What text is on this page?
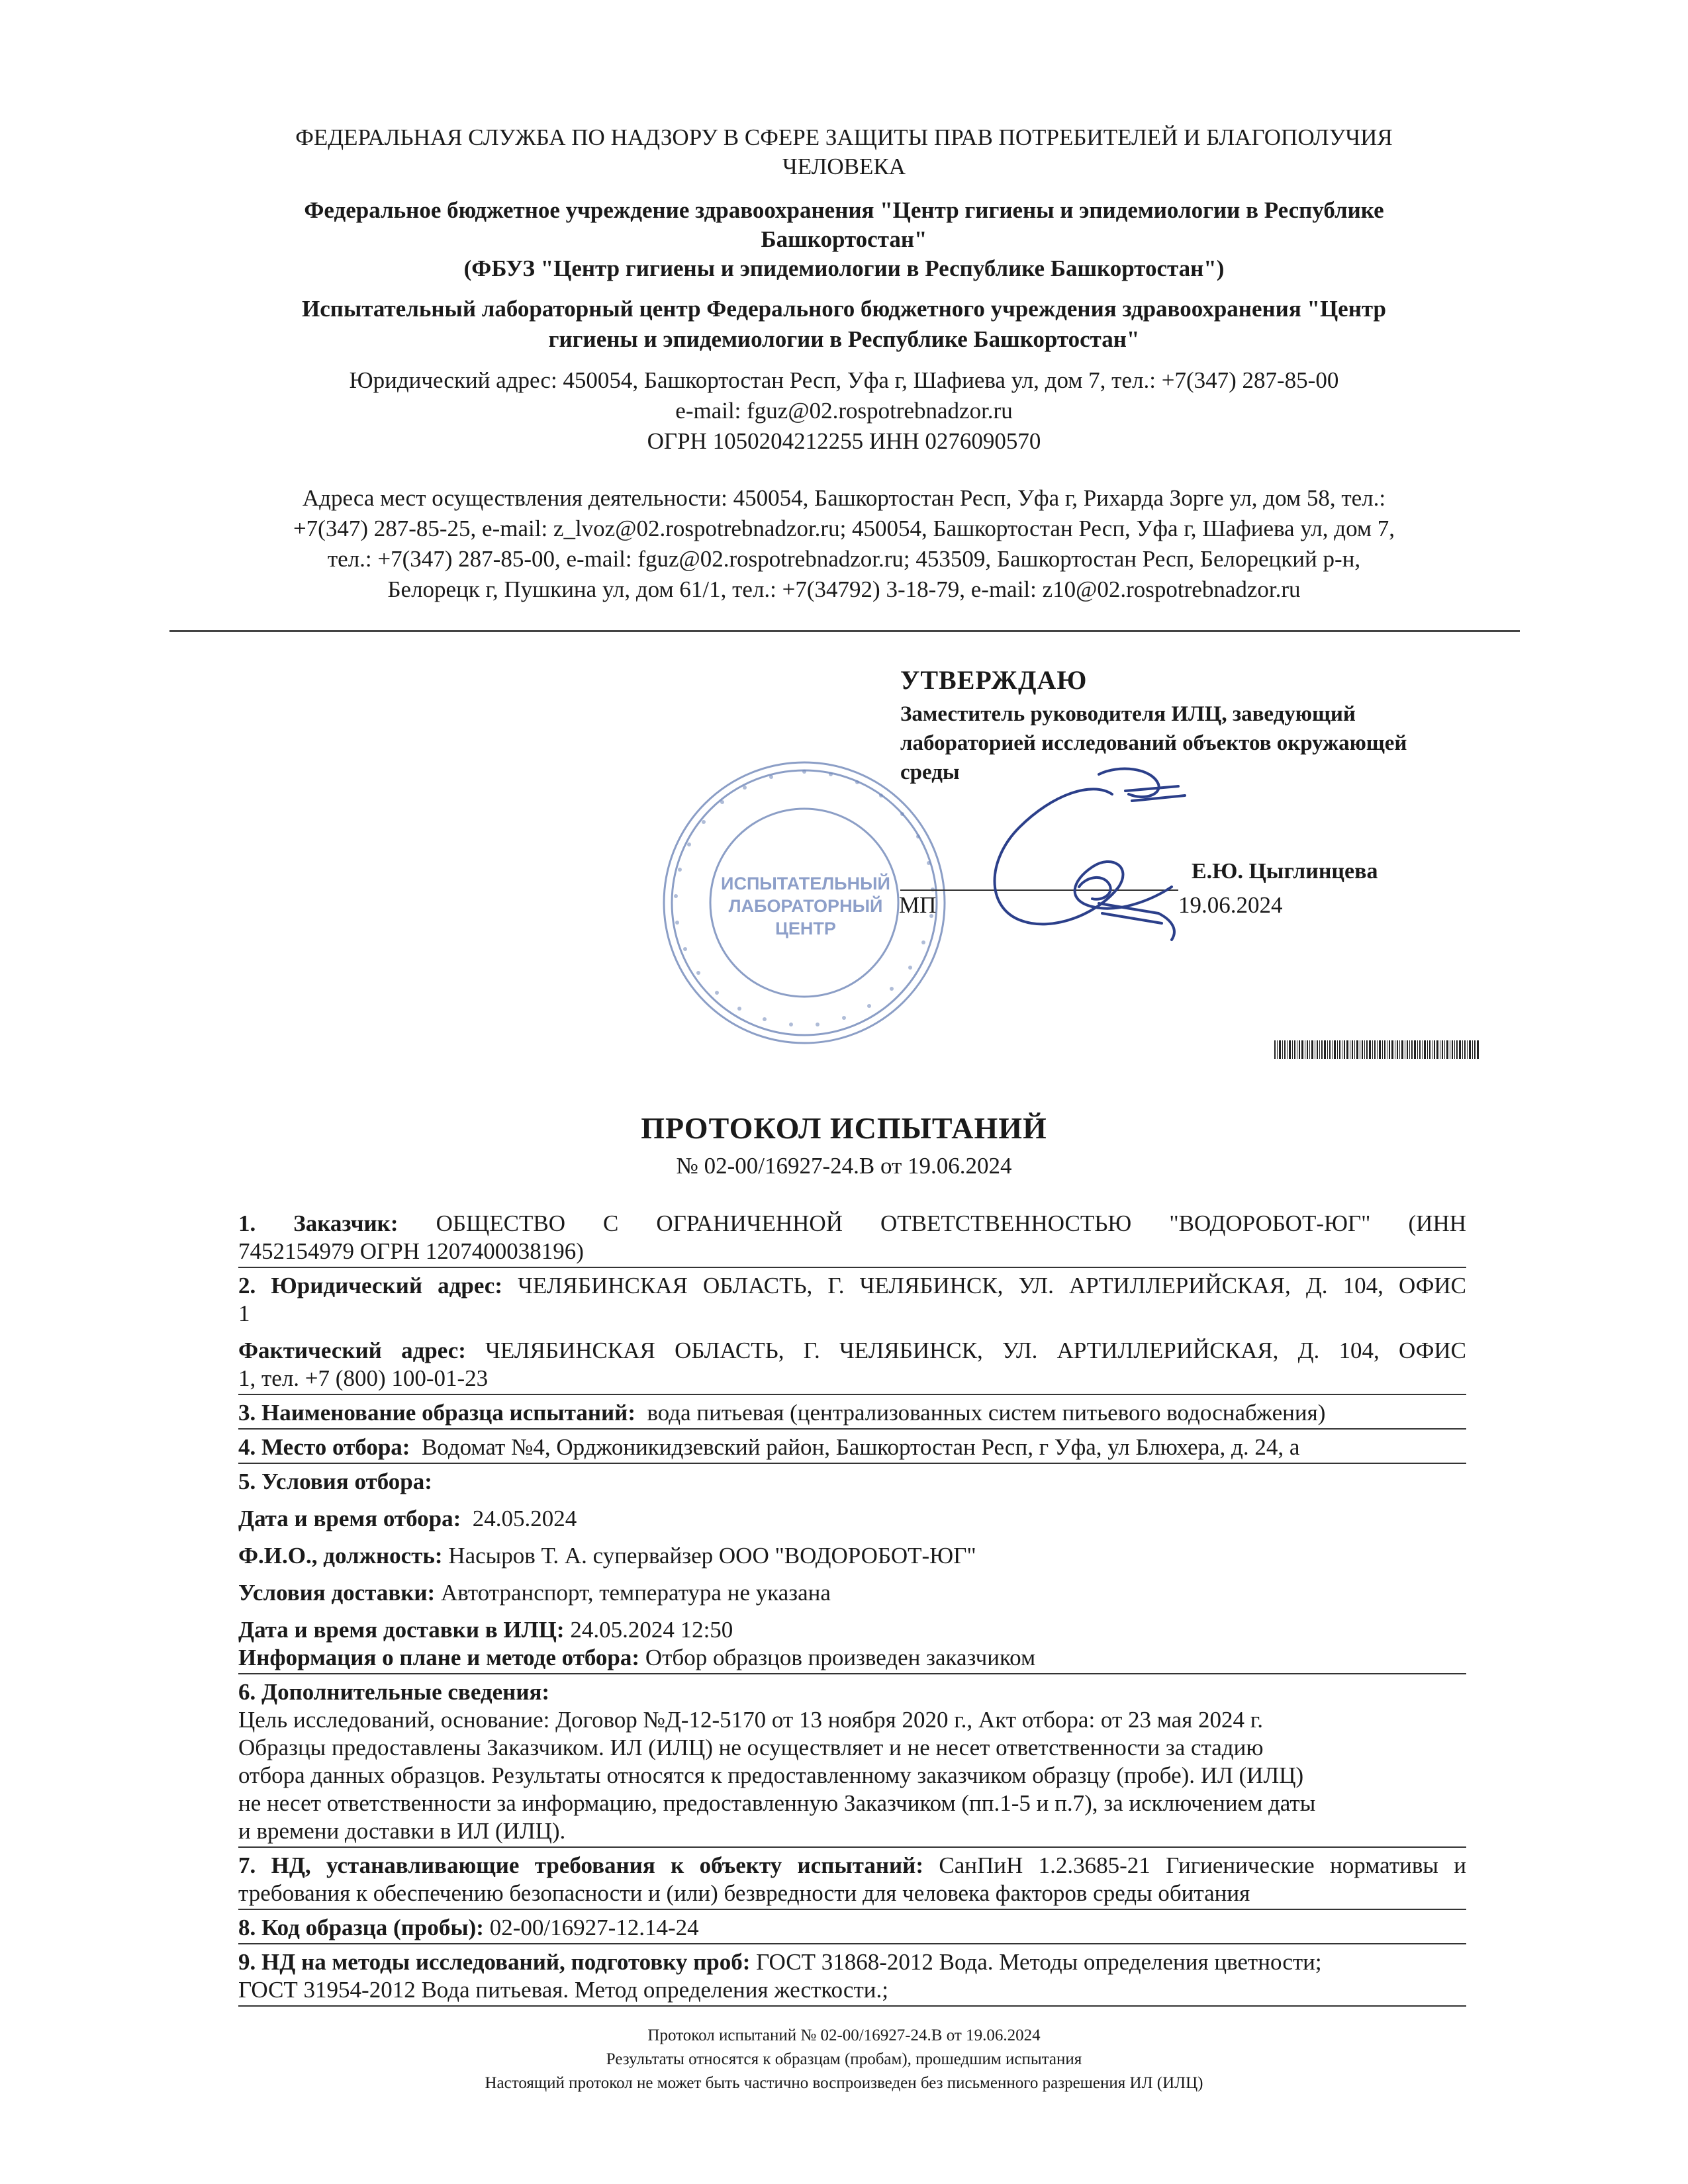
ФЕДЕРАЛЬНАЯ СЛУЖБА ПО НАДЗОРУ В СФЕРЕ ЗАЩИТЫ ПРАВ ПОТРЕБИТЕЛЕЙ И БЛАГОПОЛУЧИЯ
ЧЕЛОВЕКА
Федеральное бюджетное учреждение здравоохранения "Центр гигиены и эпидемиологии в Республике
Башкортостан"
(ФБУЗ "Центр гигиены и эпидемиологии в Республике Башкортостан")
Испытательный лабораторный центр Федерального бюджетного учреждения здравоохранения "Центр
гигиены и эпидемиологии в Республике Башкортостан"
Юридический адрес: 450054, Башкортостан Респ, Уфа г, Шафиева ул, дом 7, тел.: +7(347) 287-85-00
e-mail: fguz@02.rospotrebnadzor.ru
ОГРН 1050204212255 ИНН 0276090570
Адреса мест осуществления деятельности: 450054, Башкортостан Респ, Уфа г, Рихарда Зорге ул, дом 58, тел.:
+7(347) 287-85-25, e-mail: z_lvoz@02.rospotrebnadzor.ru; 450054, Башкортостан Респ, Уфа г, Шафиева ул, дом 7,
тел.: +7(347) 287-85-00, e-mail: fguz@02.rospotrebnadzor.ru; 453509, Башкортостан Респ, Белорецкий р-н,
Белорецк г, Пушкина ул, дом 61/1, тел.: +7(34792) 3-18-79, e-mail: z10@02.rospotrebnadzor.ru
ИСПЫТАТЕЛЬНЫЙ
ЛАБОРАТОРНЫЙ
ЦЕНТР
УТВЕРЖДАЮ
Заместитель руководителя ИЛЦ, заведующий
лабораторией исследований объектов окружающей
среды
Е.Ю. Цыглинцева
МП	19.06.2024
ПРОТОКОЛ ИСПЫТАНИЙ
№ 02-00/16927-24.В от 19.06.2024
1. Заказчик: ОБЩЕСТВО С ОГРАНИЧЕННОЙ ОТВЕТСТВЕННОСТЬЮ "ВОДОРОБОТ-ЮГ" (ИНН
7452154979 ОГРН 1207400038196)
2. Юридический адрес: ЧЕЛЯБИНСКАЯ ОБЛАСТЬ, Г. ЧЕЛЯБИНСК, УЛ. АРТИЛЛЕРИЙСКАЯ, Д. 104, ОФИС
1
Фактический адрес: ЧЕЛЯБИНСКАЯ ОБЛАСТЬ, Г. ЧЕЛЯБИНСК, УЛ. АРТИЛЛЕРИЙСКАЯ, Д. 104, ОФИС
1, тел. +7 (800) 100-01-23
3. Наименование образца испытаний: вода питьевая (централизованных систем питьевого водоснабжения)
4. Место отбора: Водомат №4, Орджоникидзевский район, Башкортостан Респ, г Уфа, ул Блюхера, д. 24, а
5. Условия отбора:
Дата и время отбора: 24.05.2024
Ф.И.О., должность: Насыров Т. А. супервайзер ООО "ВОДОРОБОТ-ЮГ"
Условия доставки: Автотранспорт, температура не указана
Дата и время доставки в ИЛЦ: 24.05.2024 12:50
Информация о плане и методе отбора: Отбор образцов произведен заказчиком
6. Дополнительные сведения:
Цель исследований, основание: Договор №Д-12-5170 от 13 ноября 2020 г., Акт отбора: от 23 мая 2024 г.
Образцы предоставлены Заказчиком. ИЛ (ИЛЦ) не осуществляет и не несет ответственности за стадию
отбора данных образцов. Результаты относятся к предоставленному заказчиком образцу (пробе). ИЛ (ИЛЦ)
не несет ответственности за информацию, предоставленную Заказчиком (пп.1-5 и п.7), за исключением даты
и времени доставки в ИЛ (ИЛЦ).
7. НД, устанавливающие требования к объекту испытаний: СанПиН 1.2.3685-21 Гигиенические нормативы и
требования к обеспечению безопасности и (или) безвредности для человека факторов среды обитания
8. Код образца (пробы): 02-00/16927-12.14-24
9. НД на методы исследований, подготовку проб: ГОСТ 31868-2012 Вода. Методы определения цветности;
ГОСТ 31954-2012 Вода питьевая. Метод определения жесткости.;
Протокол испытаний № 02-00/16927-24.В от 19.06.2024
Результаты относятся к образцам (пробам), прошедшим испытания
Настоящий протокол не может быть частично воспроизведен без письменного разрешения ИЛ (ИЛЦ)
